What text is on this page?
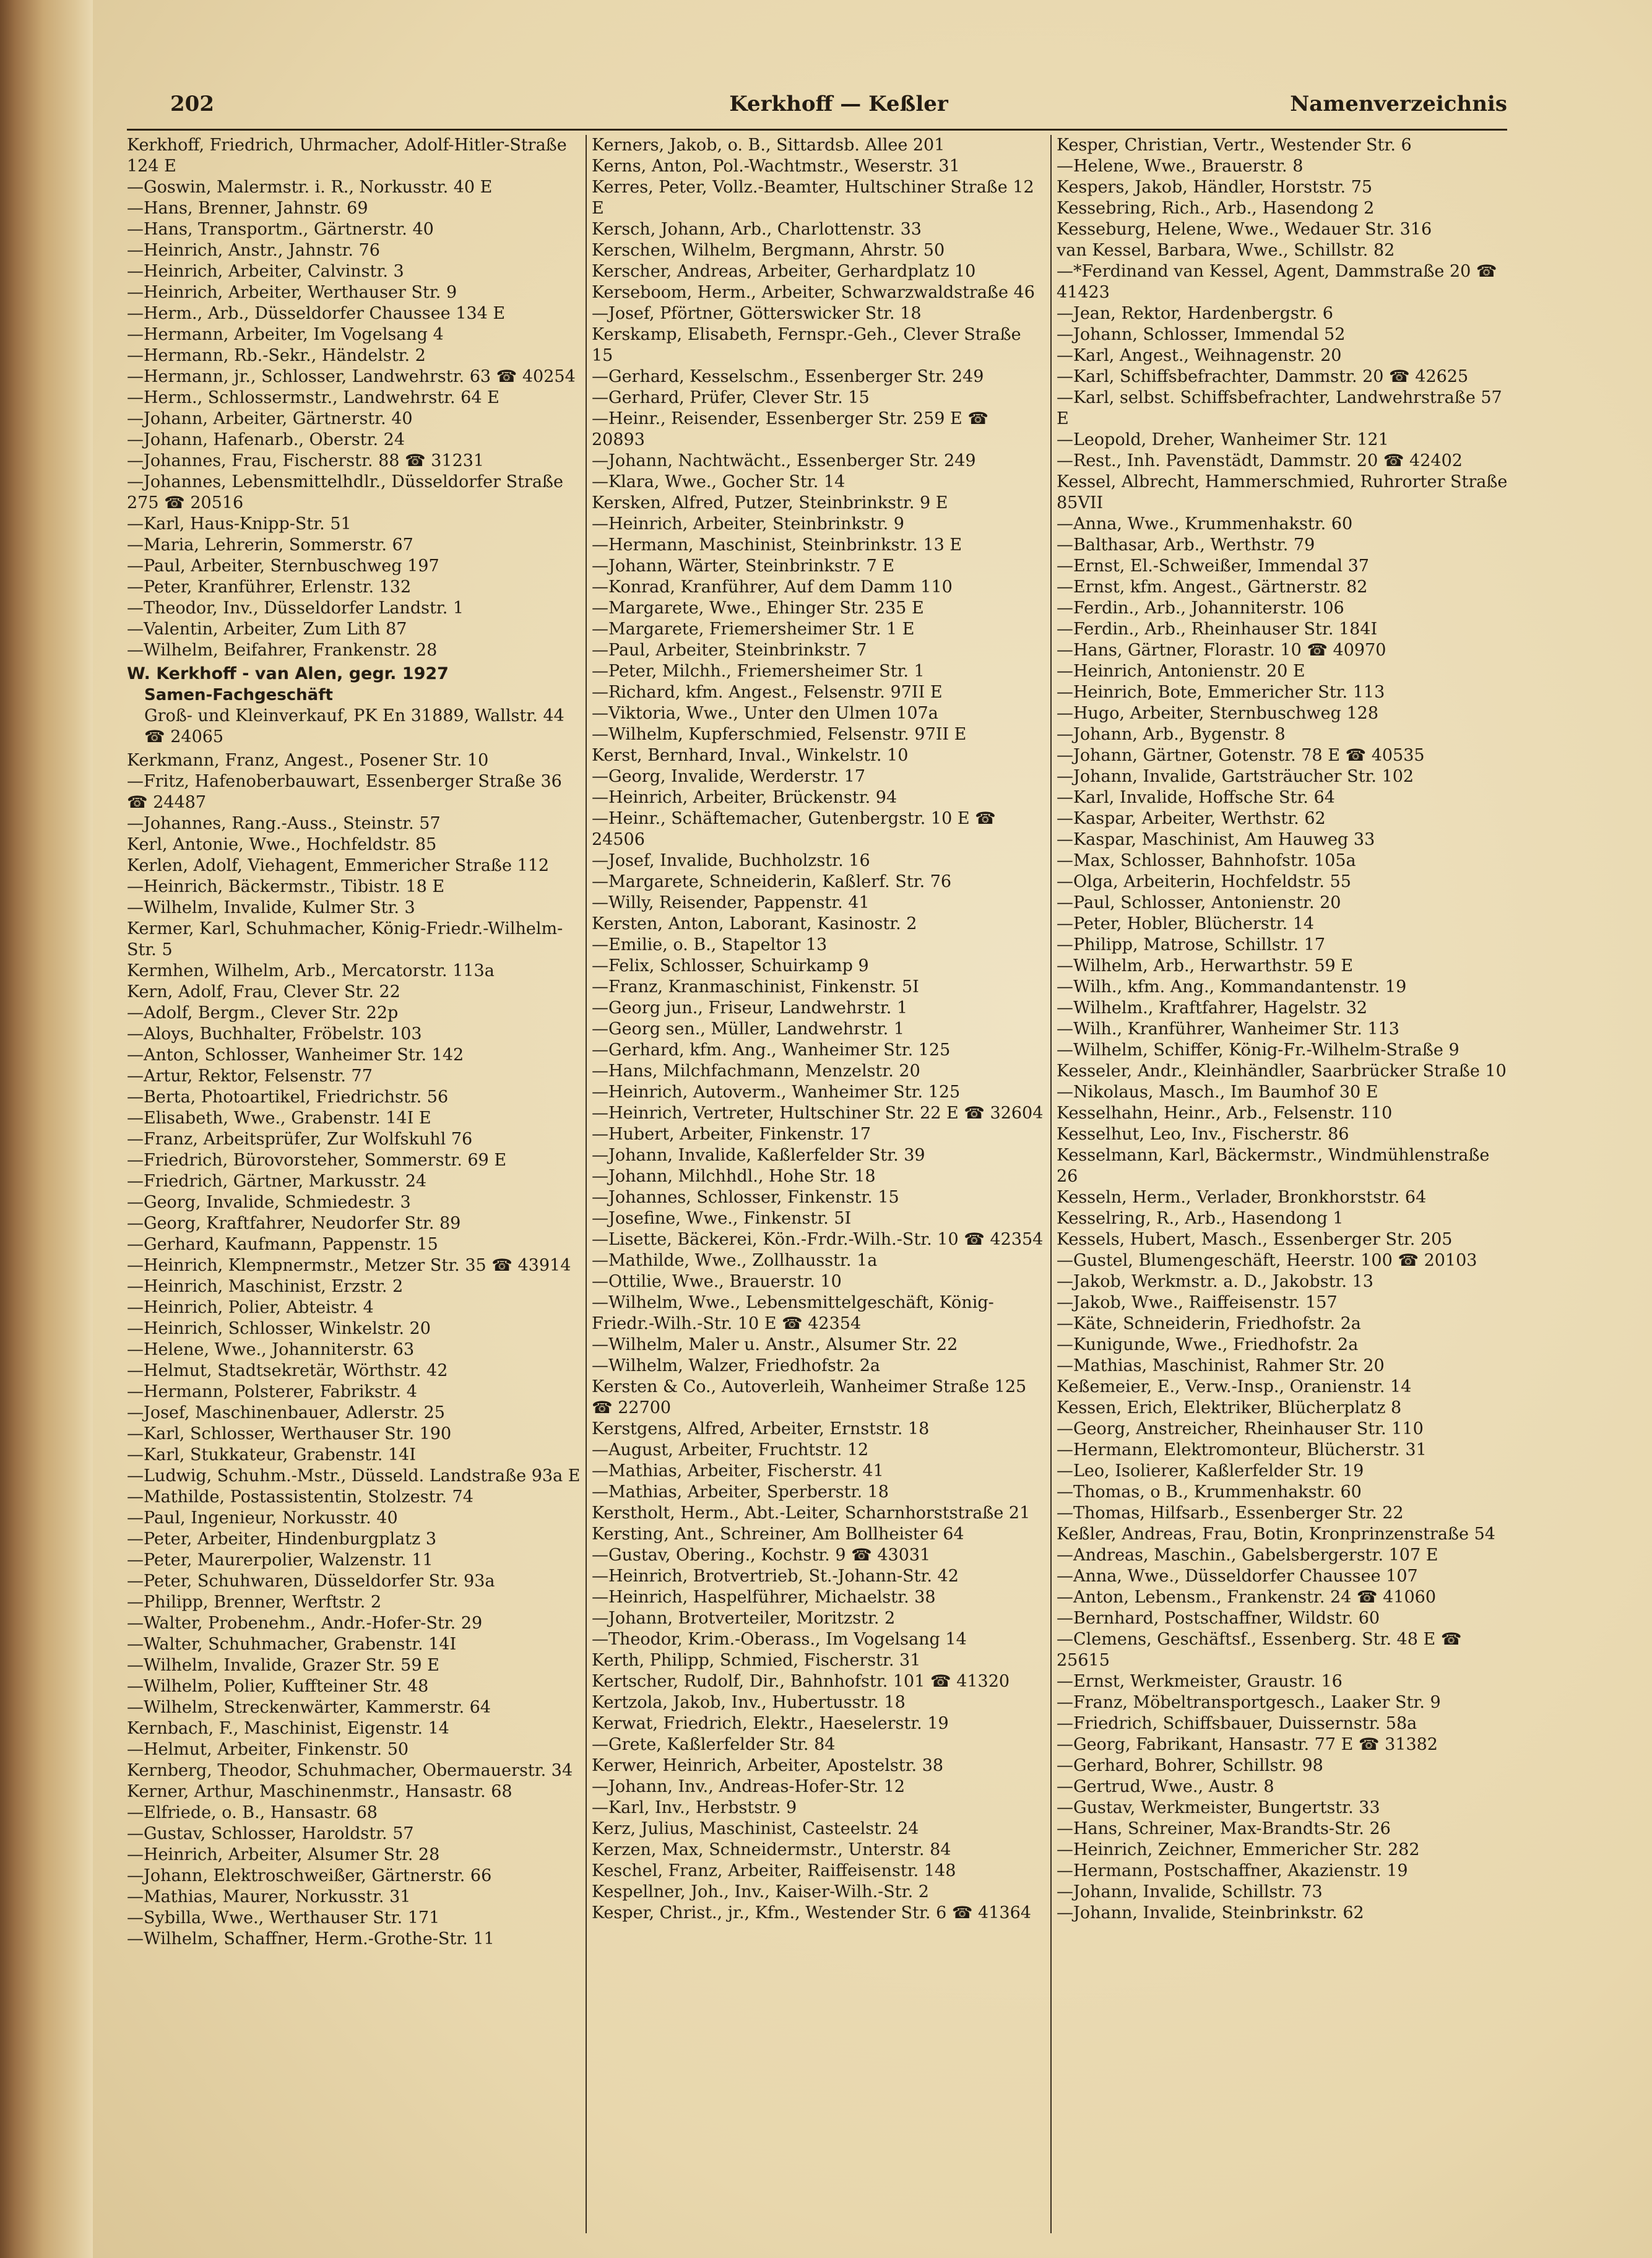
202	Kerkhoff — Keßler	Namenverzeichnis
Kerkhoff, Friedrich, Uhrmacher, Adolf-Hitler-Straße 124 E
—Goswin, Malermstr. i. R., Norkusstr. 40 E
—Hans, Brenner, Jahnstr. 69
—Hans, Transportm., Gärtnerstr. 40
—Heinrich, Anstr., Jahnstr. 76
—Heinrich, Arbeiter, Calvinstr. 3
—Heinrich, Arbeiter, Werthauser Str. 9
—Herm., Arb., Düsseldorfer Chaussee 134 E
—Hermann, Arbeiter, Im Vogelsang 4
—Hermann, Rb.-Sekr., Händelstr. 2
—Hermann, jr., Schlosser, Landwehrstr. 63 ☎ 40254
—Herm., Schlossermstr., Landwehrstr. 64 E
—Johann, Arbeiter, Gärtnerstr. 40
—Johann, Hafenarb., Oberstr. 24
—Johannes, Frau, Fischerstr. 88 ☎ 31231
—Johannes, Lebensmittelhdlr., Düsseldorfer Straße 275 ☎ 20516
—Karl, Haus-Knipp-Str. 51
—Maria, Lehrerin, Sommerstr. 67
—Paul, Arbeiter, Sternbuschweg 197
—Peter, Kranführer, Erlenstr. 132
—Theodor, Inv., Düsseldorfer Landstr. 1
—Valentin, Arbeiter, Zum Lith 87
—Wilhelm, Beifahrer, Frankenstr. 28
W. Kerkhoff - van Alen, gegr. 1927
Samen-Fachgeschäft
Groß- und Kleinverkauf, PK En 31889, Wallstr. 44 ☎ 24065
Kerkmann, Franz, Angest., Posener Str. 10
—Fritz, Hafenoberbauwart, Essenberger Straße 36 ☎ 24487
—Johannes, Rang.-Auss., Steinstr. 57
Kerl, Antonie, Wwe., Hochfeldstr. 85
Kerlen, Adolf, Viehagent, Emmericher Straße 112
—Heinrich, Bäckermstr., Tibistr. 18 E
—Wilhelm, Invalide, Kulmer Str. 3
Kermer, Karl, Schuhmacher, König-Friedr.-Wilhelm-Str. 5
Kermhen, Wilhelm, Arb., Mercatorstr. 113a
Kern, Adolf, Frau, Clever Str. 22
—Adolf, Bergm., Clever Str. 22p
—Aloys, Buchhalter, Fröbelstr. 103
—Anton, Schlosser, Wanheimer Str. 142
—Artur, Rektor, Felsenstr. 77
—Berta, Photoartikel, Friedrichstr. 56
—Elisabeth, Wwe., Grabenstr. 14I E
—Franz, Arbeitsprüfer, Zur Wolfskuhl 76
—Friedrich, Bürovorsteher, Sommerstr. 69 E
—Friedrich, Gärtner, Markusstr. 24
—Georg, Invalide, Schmiedestr. 3
—Georg, Kraftfahrer, Neudorfer Str. 89
—Gerhard, Kaufmann, Pappenstr. 15
—Heinrich, Klempnermstr., Metzer Str. 35 ☎ 43914
—Heinrich, Maschinist, Erzstr. 2
—Heinrich, Polier, Abteistr. 4
—Heinrich, Schlosser, Winkelstr. 20
—Helene, Wwe., Johanniterstr. 63
—Helmut, Stadtsekretär, Wörthstr. 42
—Hermann, Polsterer, Fabrikstr. 4
—Josef, Maschinenbauer, Adlerstr. 25
—Karl, Schlosser, Werthauser Str. 190
—Karl, Stukkateur, Grabenstr. 14I
—Ludwig, Schuhm.-Mstr., Düsseld. Landstraße 93a E
—Mathilde, Postassistentin, Stolzestr. 74
—Paul, Ingenieur, Norkusstr. 40
—Peter, Arbeiter, Hindenburgplatz 3
—Peter, Maurerpolier, Walzenstr. 11
—Peter, Schuhwaren, Düsseldorfer Str. 93a
—Philipp, Brenner, Werftstr. 2
—Walter, Probenehm., Andr.-Hofer-Str. 29
—Walter, Schuhmacher, Grabenstr. 14I
—Wilhelm, Invalide, Grazer Str. 59 E
—Wilhelm, Polier, Kuffteiner Str. 48
—Wilhelm, Streckenwärter, Kammerstr. 64
Kernbach, F., Maschinist, Eigenstr. 14
—Helmut, Arbeiter, Finkenstr. 50
Kernberg, Theodor, Schuhmacher, Obermauerstr. 34
Kerner, Arthur, Maschinenmstr., Hansastr. 68
—Elfriede, o. B., Hansastr. 68
—Gustav, Schlosser, Haroldstr. 57
—Heinrich, Arbeiter, Alsumer Str. 28
—Johann, Elektroschweißer, Gärtnerstr. 66
—Mathias, Maurer, Norkusstr. 31
—Sybilla, Wwe., Werthauser Str. 171
—Wilhelm, Schaffner, Herm.-Grothe-Str. 11
Kerners, Jakob, o. B., Sittardsb. Allee 201
Kerns, Anton, Pol.-Wachtmstr., Weserstr. 31
Kerres, Peter, Vollz.-Beamter, Hultschiner Straße 12 E
Kersch, Johann, Arb., Charlottenstr. 33
Kerschen, Wilhelm, Bergmann, Ahrstr. 50
Kerscher, Andreas, Arbeiter, Gerhardplatz 10
Kerseboom, Herm., Arbeiter, Schwarzwaldstraße 46
—Josef, Pförtner, Götterswicker Str. 18
Kerskamp, Elisabeth, Fernspr.-Geh., Clever Straße 15
—Gerhard, Kesselschm., Essenberger Str. 249
—Gerhard, Prüfer, Clever Str. 15
—Heinr., Reisender, Essenberger Str. 259 E ☎ 20893
—Johann, Nachtwächt., Essenberger Str. 249
—Klara, Wwe., Gocher Str. 14
Kersken, Alfred, Putzer, Steinbrinkstr. 9 E
—Heinrich, Arbeiter, Steinbrinkstr. 9
—Hermann, Maschinist, Steinbrinkstr. 13 E
—Johann, Wärter, Steinbrinkstr. 7 E
—Konrad, Kranführer, Auf dem Damm 110
—Margarete, Wwe., Ehinger Str. 235 E
—Margarete, Friemersheimer Str. 1 E
—Paul, Arbeiter, Steinbrinkstr. 7
—Peter, Milchh., Friemersheimer Str. 1
—Richard, kfm. Angest., Felsenstr. 97II E
—Viktoria, Wwe., Unter den Ulmen 107a
—Wilhelm, Kupferschmied, Felsenstr. 97II E
Kerst, Bernhard, Inval., Winkelstr. 10
—Georg, Invalide, Werderstr. 17
—Heinrich, Arbeiter, Brückenstr. 94
—Heinr., Schäftemacher, Gutenbergstr. 10 E ☎ 24506
—Josef, Invalide, Buchholzstr. 16
—Margarete, Schneiderin, Kaßlerf. Str. 76
—Willy, Reisender, Pappenstr. 41
Kersten, Anton, Laborant, Kasinostr. 2
—Emilie, o. B., Stapeltor 13
—Felix, Schlosser, Schuirkamp 9
—Franz, Kranmaschinist, Finkenstr. 5I
—Georg jun., Friseur, Landwehrstr. 1
—Georg sen., Müller, Landwehrstr. 1
—Gerhard, kfm. Ang., Wanheimer Str. 125
—Hans, Milchfachmann, Menzelstr. 20
—Heinrich, Autoverm., Wanheimer Str. 125
—Heinrich, Vertreter, Hultschiner Str. 22 E ☎ 32604
—Hubert, Arbeiter, Finkenstr. 17
—Johann, Invalide, Kaßlerfelder Str. 39
—Johann, Milchhdl., Hohe Str. 18
—Johannes, Schlosser, Finkenstr. 15
—Josefine, Wwe., Finkenstr. 5I
—Lisette, Bäckerei, Kön.-Frdr.-Wilh.-Str. 10 ☎ 42354
—Mathilde, Wwe., Zollhausstr. 1a
—Ottilie, Wwe., Brauerstr. 10
—Wilhelm, Wwe., Lebensmittelgeschäft, König-Friedr.-Wilh.-Str. 10 E ☎ 42354
—Wilhelm, Maler u. Anstr., Alsumer Str. 22
—Wilhelm, Walzer, Friedhofstr. 2a
Kersten & Co., Autoverleih, Wanheimer Straße 125 ☎ 22700
Kerstgens, Alfred, Arbeiter, Ernststr. 18
—August, Arbeiter, Fruchtstr. 12
—Mathias, Arbeiter, Fischerstr. 41
—Mathias, Arbeiter, Sperberstr. 18
Kerstholt, Herm., Abt.-Leiter, Scharnhorststraße 21
Kersting, Ant., Schreiner, Am Bollheister 64
—Gustav, Obering., Kochstr. 9 ☎ 43031
—Heinrich, Brotvertrieb, St.-Johann-Str. 42
—Heinrich, Haspelführer, Michaelstr. 38
—Johann, Brotverteiler, Moritzstr. 2
—Theodor, Krim.-Oberass., Im Vogelsang 14
Kerth, Philipp, Schmied, Fischerstr. 31
Kertscher, Rudolf, Dir., Bahnhofstr. 101 ☎ 41320
Kertzola, Jakob, Inv., Hubertusstr. 18
Kerwat, Friedrich, Elektr., Haeselerstr. 19
—Grete, Kaßlerfelder Str. 84
Kerwer, Heinrich, Arbeiter, Apostelstr. 38
—Johann, Inv., Andreas-Hofer-Str. 12
—Karl, Inv., Herbststr. 9
Kerz, Julius, Maschinist, Casteelstr. 24
Kerzen, Max, Schneidermstr., Unterstr. 84
Keschel, Franz, Arbeiter, Raiffeisenstr. 148
Kespellner, Joh., Inv., Kaiser-Wilh.-Str. 2
Kesper, Christ., jr., Kfm., Westender Str. 6 ☎ 41364
Kesper, Christian, Vertr., Westender Str. 6
—Helene, Wwe., Brauerstr. 8
Kespers, Jakob, Händler, Horststr. 75
Kessebring, Rich., Arb., Hasendong 2
Kesseburg, Helene, Wwe., Wedauer Str. 316
van Kessel, Barbara, Wwe., Schillstr. 82
—*Ferdinand van Kessel, Agent, Dammstraße 20 ☎ 41423
—Jean, Rektor, Hardenbergstr. 6
—Johann, Schlosser, Immendal 52
—Karl, Angest., Weihnagenstr. 20
—Karl, Schiffsbefrachter, Dammstr. 20 ☎ 42625
—Karl, selbst. Schiffsbefrachter, Landwehrstraße 57 E
—Leopold, Dreher, Wanheimer Str. 121
—Rest., Inh. Pavenstädt, Dammstr. 20 ☎ 42402
Kessel, Albrecht, Hammerschmied, Ruhrorter Straße 85VII
—Anna, Wwe., Krummenhakstr. 60
—Balthasar, Arb., Werthstr. 79
—Ernst, El.-Schweißer, Immendal 37
—Ernst, kfm. Angest., Gärtnerstr. 82
—Ferdin., Arb., Johanniterstr. 106
—Ferdin., Arb., Rheinhauser Str. 184I
—Hans, Gärtner, Florastr. 10 ☎ 40970
—Heinrich, Antonienstr. 20 E
—Heinrich, Bote, Emmericher Str. 113
—Hugo, Arbeiter, Sternbuschweg 128
—Johann, Arb., Bygenstr. 8
—Johann, Gärtner, Gotenstr. 78 E ☎ 40535
—Johann, Invalide, Gartsträucher Str. 102
—Karl, Invalide, Hoffsche Str. 64
—Kaspar, Arbeiter, Werthstr. 62
—Kaspar, Maschinist, Am Hauweg 33
—Max, Schlosser, Bahnhofstr. 105a
—Olga, Arbeiterin, Hochfeldstr. 55
—Paul, Schlosser, Antonienstr. 20
—Peter, Hobler, Blücherstr. 14
—Philipp, Matrose, Schillstr. 17
—Wilhelm, Arb., Herwarthstr. 59 E
—Wilh., kfm. Ang., Kommandantenstr. 19
—Wilhelm., Kraftfahrer, Hagelstr. 32
—Wilh., Kranführer, Wanheimer Str. 113
—Wilhelm, Schiffer, König-Fr.-Wilhelm-Straße 9
Kesseler, Andr., Kleinhändler, Saarbrücker Straße 10
—Nikolaus, Masch., Im Baumhof 30 E
Kesselhahn, Heinr., Arb., Felsenstr. 110
Kesselhut, Leo, Inv., Fischerstr. 86
Kesselmann, Karl, Bäckermstr., Windmühlenstraße 26
Kesseln, Herm., Verlader, Bronkhorststr. 64
Kesselring, R., Arb., Hasendong 1
Kessels, Hubert, Masch., Essenberger Str. 205
—Gustel, Blumengeschäft, Heerstr. 100 ☎ 20103
—Jakob, Werkmstr. a. D., Jakobstr. 13
—Jakob, Wwe., Raiffeisenstr. 157
—Käte, Schneiderin, Friedhofstr. 2a
—Kunigunde, Wwe., Friedhofstr. 2a
—Mathias, Maschinist, Rahmer Str. 20
Keßemeier, E., Verw.-Insp., Oranienstr. 14
Kessen, Erich, Elektriker, Blücherplatz 8
—Georg, Anstreicher, Rheinhauser Str. 110
—Hermann, Elektromonteur, Blücherstr. 31
—Leo, Isolierer, Kaßlerfelder Str. 19
—Thomas, o B., Krummenhakstr. 60
—Thomas, Hilfsarb., Essenberger Str. 22
Keßler, Andreas, Frau, Botin, Kronprinzenstraße 54
—Andreas, Maschin., Gabelsbergerstr. 107 E
—Anna, Wwe., Düsseldorfer Chaussee 107
—Anton, Lebensm., Frankenstr. 24 ☎ 41060
—Bernhard, Postschaffner, Wildstr. 60
—Clemens, Geschäftsf., Essenberg. Str. 48 E ☎ 25615
—Ernst, Werkmeister, Graustr. 16
—Franz, Möbeltransportgesch., Laaker Str. 9
—Friedrich, Schiffsbauer, Duissernstr. 58a
—Georg, Fabrikant, Hansastr. 77 E ☎ 31382
—Gerhard, Bohrer, Schillstr. 98
—Gertrud, Wwe., Austr. 8
—Gustav, Werkmeister, Bungertstr. 33
—Hans, Schreiner, Max-Brandts-Str. 26
—Heinrich, Zeichner, Emmericher Str. 282
—Hermann, Postschaffner, Akazienstr. 19
—Johann, Invalide, Schillstr. 73
—Johann, Invalide, Steinbrinkstr. 62
